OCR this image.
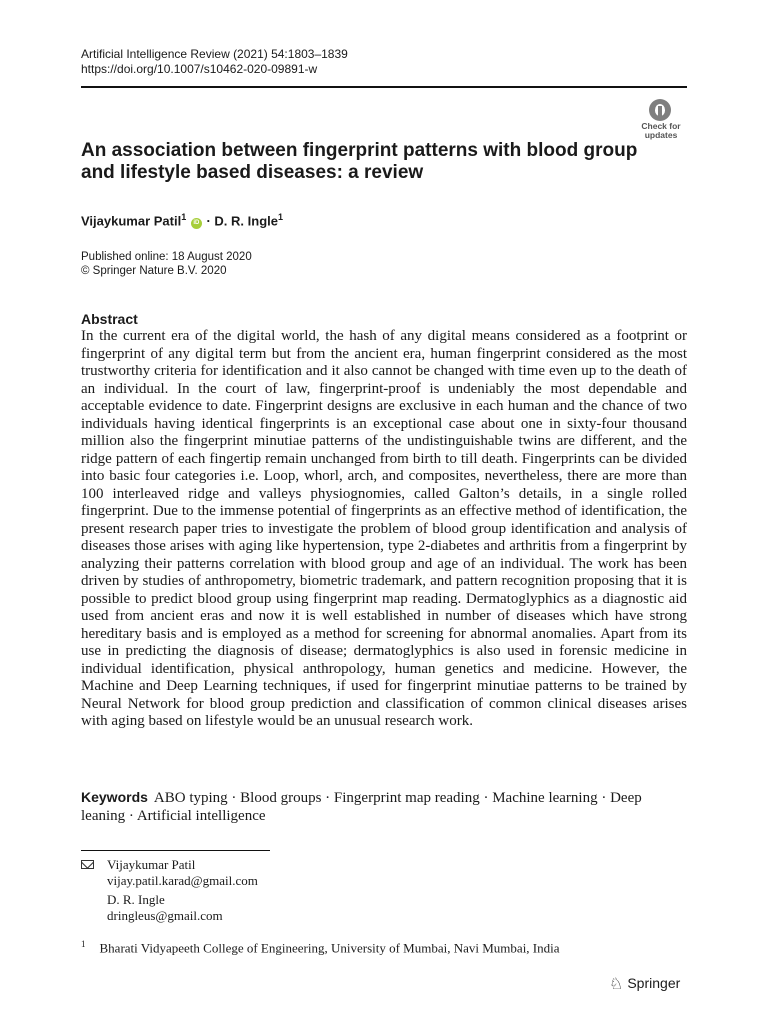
Artificial Intelligence Review (2021) 54:1803–1839
https://doi.org/10.1007/s10462-020-09891-w
Check for
updates
An association between fingerprint patterns with blood group and lifestyle based diseases: a review
Vijaykumar Patil$^1$ iD · D. R. Ingle$^1$
Published online: 18 August 2020
© Springer Nature B.V. 2020
Abstract
In the current era of the digital world, the hash of any digital means considered as a footprint or fingerprint of any digital term but from the ancient era, human fingerprint considered as the most trustworthy criteria for identification and it also cannot be changed with time even up to the death of an individual. In the court of law, fingerprint-proof is undeniably the most dependable and acceptable evidence to date. Fingerprint designs are exclusive in each human and the chance of two individuals having identical fingerprints is an exceptional case about one in sixty-four thousand million also the fingerprint minutiae patterns of the undistinguishable twins are different, and the ridge pattern of each fingertip remain unchanged from birth to till death. Fingerprints can be divided into basic four categories i.e. Loop, whorl, arch, and composites, nevertheless, there are more than 100 interleaved ridge and valleys physiognomies, called Galton’s details, in a single rolled fingerprint. Due to the immense potential of fingerprints as an effective method of identification, the present research paper tries to investigate the problem of blood group identification and analysis of diseases those arises with aging like hypertension, type 2-diabetes and arthritis from a fingerprint by analyzing their patterns correlation with blood group and age of an individual. The work has been driven by studies of anthropometry, biometric trademark, and pattern recognition proposing that it is possible to predict blood group using fingerprint map reading. Dermatoglyphics as a diagnostic aid used from ancient eras and now it is well established in number of diseases which have strong hereditary basis and is employed as a method for screening for abnormal anomalies. Apart from its use in predicting the diagnosis of disease; dermatoglyphics is also used in forensic medicine in individual identification, physical anthropology, human genetics and medicine. However, the Machine and Deep Learning techniques, if used for fingerprint minutiae patterns to be trained by Neural Network for blood group prediction and classification of common clinical diseases arises with aging based on lifestyle would be an unusual research work.
Keywords ABO typing · Blood groups · Fingerprint map reading · Machine learning · Deep leaning · Artificial intelligence
Vijaykumar Patil
vijay.patil.karad@gmail.com
D. R. Ingle
dringleus@gmail.com
$^1$ Bharati Vidyapeeth College of Engineering, University of Mumbai, Navi Mumbai, India
♘ Springer
